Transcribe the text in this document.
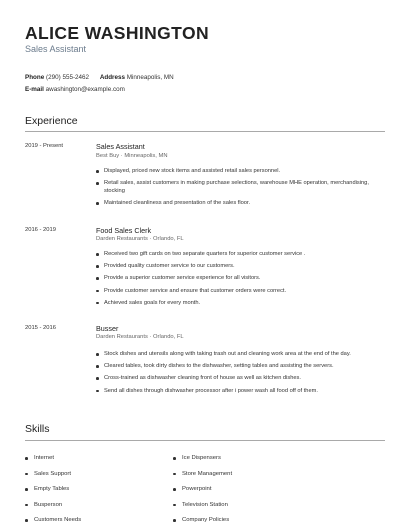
ALICE WASHINGTON
Sales Assistant
Phone (290) 555-2462 Address Minneapolis, MN
E-mail awashington@example.com
Experience
2019 - Present	Sales Assistant
Best Buy · Minneapolis, MN
Displayed, priced new stock items and assisted retail sales personnel.
Retail sales, assist customers in making purchase selections, warehouse MHE operation, merchandising, stocking
Maintained cleanliness and presentation of the sales floor.
2016 - 2019	Food Sales Clerk
Darden Restaurants · Orlando, FL
Received two gift cards on two separate quarters for superior customer service .
Provided quality customer service to our customers.
Provide a superior customer service experience for all visitors.
Provide customer service and ensure that customer orders were correct.
Achieved sales goals for every month.
2015 - 2016	Busser
Darden Restaurants · Orlando, FL
Stock dishes and utensils along with taking trash out and cleaning work area at the end of the day.
Cleared tables, took dirty dishes to the dishwasher, setting tables and assisting the servers.
Cross-trained as dishwasher cleaning front of house as well as kitchen dishes.
Send all dishes through dishwasher processor after i power wash all food off of them.
Skills
Internet
Sales Support
Empty Tables
Busperson
Customers Needs
Ice Dispensers
Store Management
Powerpoint
Television Station
Company Policies
